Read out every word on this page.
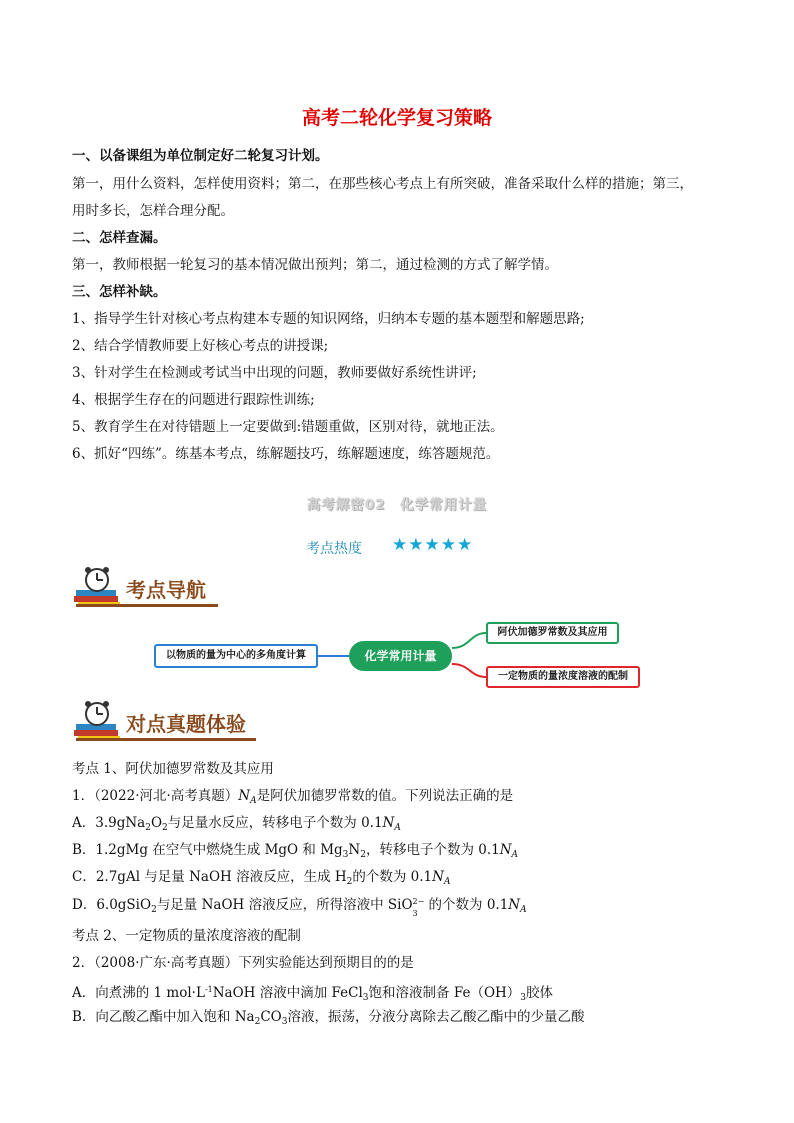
高考二轮化学复习策略
一、以备课组为单位制定好二轮复习计划。
第一，用什么资料，怎样使用资料；第二，在那些核心考点上有所突破，准备采取什么样的措施；第三，
用时多长，怎样合理分配。
二、怎样查漏。
第一，教师根据一轮复习的基本情况做出预判；第二，通过检测的方式了解学情。
三、怎样补缺。
1、指导学生针对核心考点构建本专题的知识网络，归纳本专题的基本题型和解题思路;
2、结合学情教师要上好核心考点的讲授课;
3、针对学生在检测或考试当中出现的问题，教师要做好系统性讲评;
4、根据学生存在的问题进行跟踪性训练;
5、教育学生在对待错题上一定要做到:错题重做，区别对待，就地正法。
6、抓好“四练”。练基本考点，练解题技巧，练解题速度，练答题规范。
高考解密02　化学常用计量
考点热度 ★★★★★
考点导航
以物质的量为中心的多角度计算	化学常用计量
阿伏加德罗常数及其应用
一定物质的量浓度溶液的配制
对点真题体验
考点 1、阿伏加德罗常数及其应用
1．（2022·河北·高考真题）$N_A$是阿伏加德罗常数的值。下列说法正确的是
A．$3.9gNa_2O_2$与足量水反应，转移电子个数为 $0.1N_A$
B．1.2gMg 在空气中燃烧生成 MgO 和 $Mg_3N_2$，转移电子个数为 $0.1N_A$
C．2.7gAl 与足量 NaOH 溶液反应，生成 $H_2$的个数为 $0.1N_A$
D．6.0gSiO$_2$与足量 NaOH 溶液反应，所得溶液中 SiO 2−
3 的个数为 $0.1N_A$
考点 2、一定物质的量浓度溶液的配制
2．（2008·广东·高考真题）下列实验能达到预期目的的是
A．向煮沸的 1 $mol\cdot L^{-1}NaOH$ 溶液中滴加 FeCl$_3$饱和溶液制备 $Fe(OH)_3$胶体
B．向乙酸乙酯中加入饱和 $Na_2CO_3$溶液，振荡，分液分离除去乙酸乙酯中的少量乙酸
